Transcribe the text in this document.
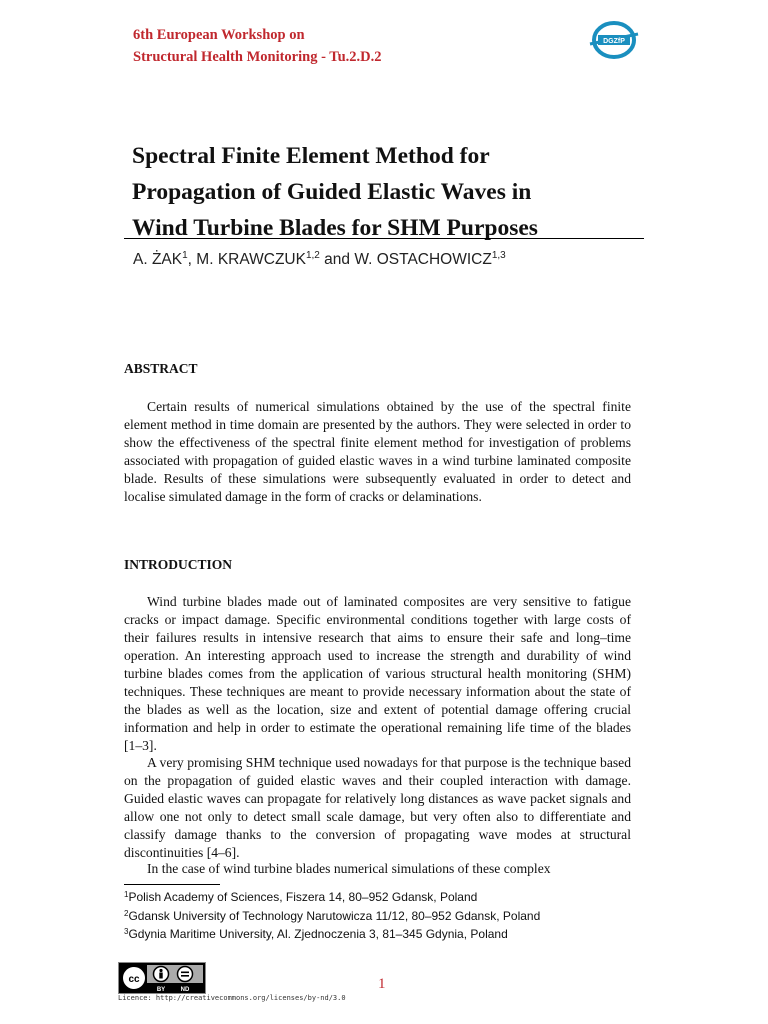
6th European Workshop on
Structural Health Monitoring - Tu.2.D.2
DGZfP
Spectral Finite Element Method for
Propagation of Guided Elastic Waves in
Wind Turbine Blades for SHM Purposes
A. ŻAK$^1$, M. KRAWCZUK$^{1,2}$ and W. OSTACHOWICZ$^{1,3}$
ABSTRACT

Certain results of numerical simulations obtained by the use of the spectral finite element method in time domain are presented by the authors. They were selected in order to show the effectiveness of the spectral finite element method for investigation of problems associated with propagation of guided elastic waves in a wind turbine laminated composite blade. Results of these simulations were subsequently evaluated in order to detect and localise simulated damage in the form of cracks or delaminations.

INTRODUCTION

Wind turbine blades made out of laminated composites are very sensitive to fatigue cracks or impact damage. Specific environmental conditions together with large costs of their failures results in intensive research that aims to ensure their safe and long–time operation. An interesting approach used to increase the strength and durability of wind turbine blades comes from the application of various structural health monitoring (SHM) techniques. These techniques are meant to provide necessary information about the state of the blades as well as the location, size and extent of potential damage offering crucial information and help in order to estimate the operational remaining life time of the blades [1–3].

A very promising SHM technique used nowadays for that purpose is the technique based on the propagation of guided elastic waves and their coupled interaction with damage. Guided elastic waves can propagate for relatively long distances as wave packet signals and allow one not only to detect small scale damage, but very often also to differentiate and classify damage thanks to the conversion of propagating wave modes at structural discontinuities [4–6].

In the case of wind turbine blades numerical simulations of these complex

$^1$Polish Academy of Sciences, Fiszera 14, 80–952 Gdansk, Poland
$^2$Gdansk University of Technology Narutowicza 11/12, 80–952 Gdansk, Poland
$^3$Gdynia Maritime University, Al. Zjednoczenia 3, 81–345 Gdynia, Poland
cc
BY	ND
Licence: http://creativecommons.org/licenses/by-nd/3.0
1
